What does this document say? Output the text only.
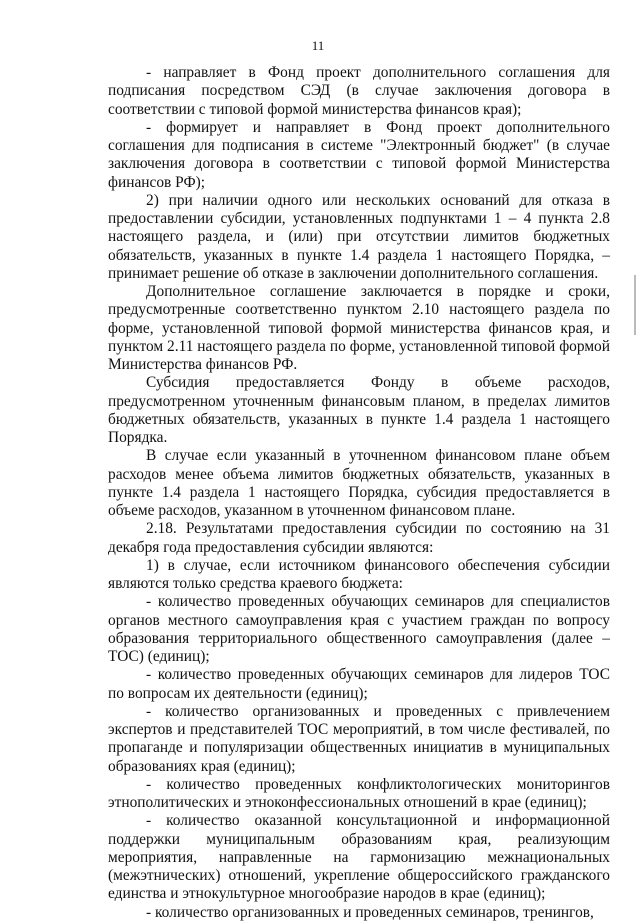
11

- направляет в Фонд проект дополнительного соглашения для подписания посредством СЭД (в случае заключения договора в соответствии с типовой формой министерства финансов края);

- формирует и направляет в Фонд проект дополнительного соглашения для подписания в системе "Электронный бюджет" (в случае заключения договора в соответствии с типовой формой Министерства финансов РФ);

2) при наличии одного или нескольких оснований для отказа в предоставлении субсидии, установленных подпунктами 1 – 4 пункта 2.8 настоящего раздела, и (или) при отсутствии лимитов бюджетных обязательств, указанных в пункте 1.4 раздела 1 настоящего Порядка, – принимает решение об отказе в заключении дополнительного соглашения.

Дополнительное соглашение заключается в порядке и сроки, предусмотренные соответственно пунктом 2.10 настоящего раздела по форме, установленной типовой формой министерства финансов края, и пунктом 2.11 настоящего раздела по форме, установленной типовой формой Министерства финансов РФ.

Субсидия предоставляется Фонду в объеме расходов, предусмотренном уточненным финансовым планом, в пределах лимитов бюджетных обязательств, указанных в пункте 1.4 раздела 1 настоящего Порядка.

В случае если указанный в уточненном финансовом плане объем расходов менее объема лимитов бюджетных обязательств, указанных в пункте 1.4 раздела 1 настоящего Порядка, субсидия предоставляется в объеме расходов, указанном в уточненном финансовом плане.

2.18. Результатами предоставления субсидии по состоянию на 31 декабря года предоставления субсидии являются:

1) в случае, если источником финансового обеспечения субсидии являются только средства краевого бюджета:

- количество проведенных обучающих семинаров для специалистов органов местного самоуправления края с участием граждан по вопросу образования территориального общественного самоуправления (далее – ТОС) (единиц);

- количество проведенных обучающих семинаров для лидеров ТОС по вопросам их деятельности (единиц);

- количество организованных и проведенных с привлечением экспертов и представителей ТОС мероприятий, в том числе фестивалей, по пропаганде и популяризации общественных инициатив в муниципальных образованиях края (единиц);

- количество проведенных конфликтологических мониторингов этнополитических и этноконфессиональных отношений в крае (единиц);

- количество оказанной консультационной и информационной поддержки муниципальным образованиям края, реализующим мероприятия, направленные на гармонизацию межнациональных (межэтнических) отношений, укрепление общероссийского гражданского единства и этнокультурное многообразие народов в крае (единиц);

- количество организованных и проведенных семинаров, тренингов,
